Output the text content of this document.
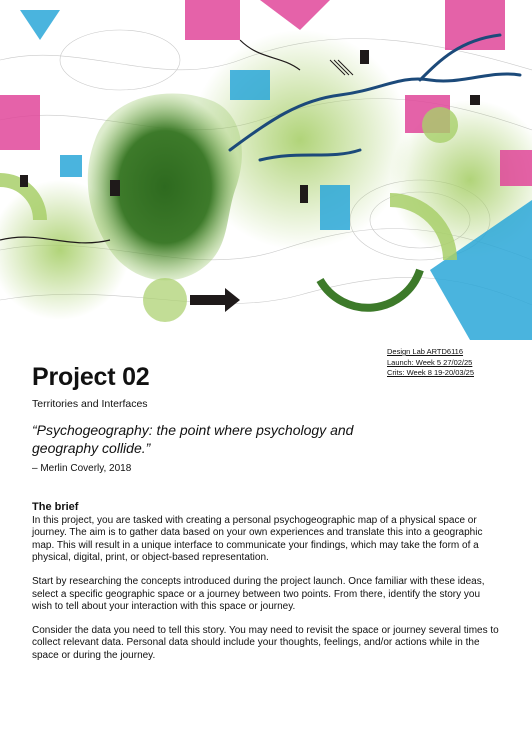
Design Lab ARTD6116
Launch: Week 5 27/02/25
Crits: Week 8 19-20/03/25
Project 02
Territories and Interfaces
“Psychogeography: the point where psychology and geography collide.”
– Merlin Coverly, 2018
The brief

In this project, you are tasked with creating a personal psychogeographic map of a physical space or journey. The aim is to gather data based on your own experiences and translate this into a geographic map. This will result in a unique interface to communicate your findings, which may take the form of a physical, digital, print, or object-based representation.

Start by researching the concepts introduced during the project launch. Once familiar with these ideas, select a specific geographic space or a journey between two points. From there, identify the story you wish to tell about your interaction with this space or journey.

Consider the data you need to tell this story. You may need to revisit the space or journey several times to collect relevant data. Personal data should include your thoughts, feelings, and/or actions while in the space or during the journey.
